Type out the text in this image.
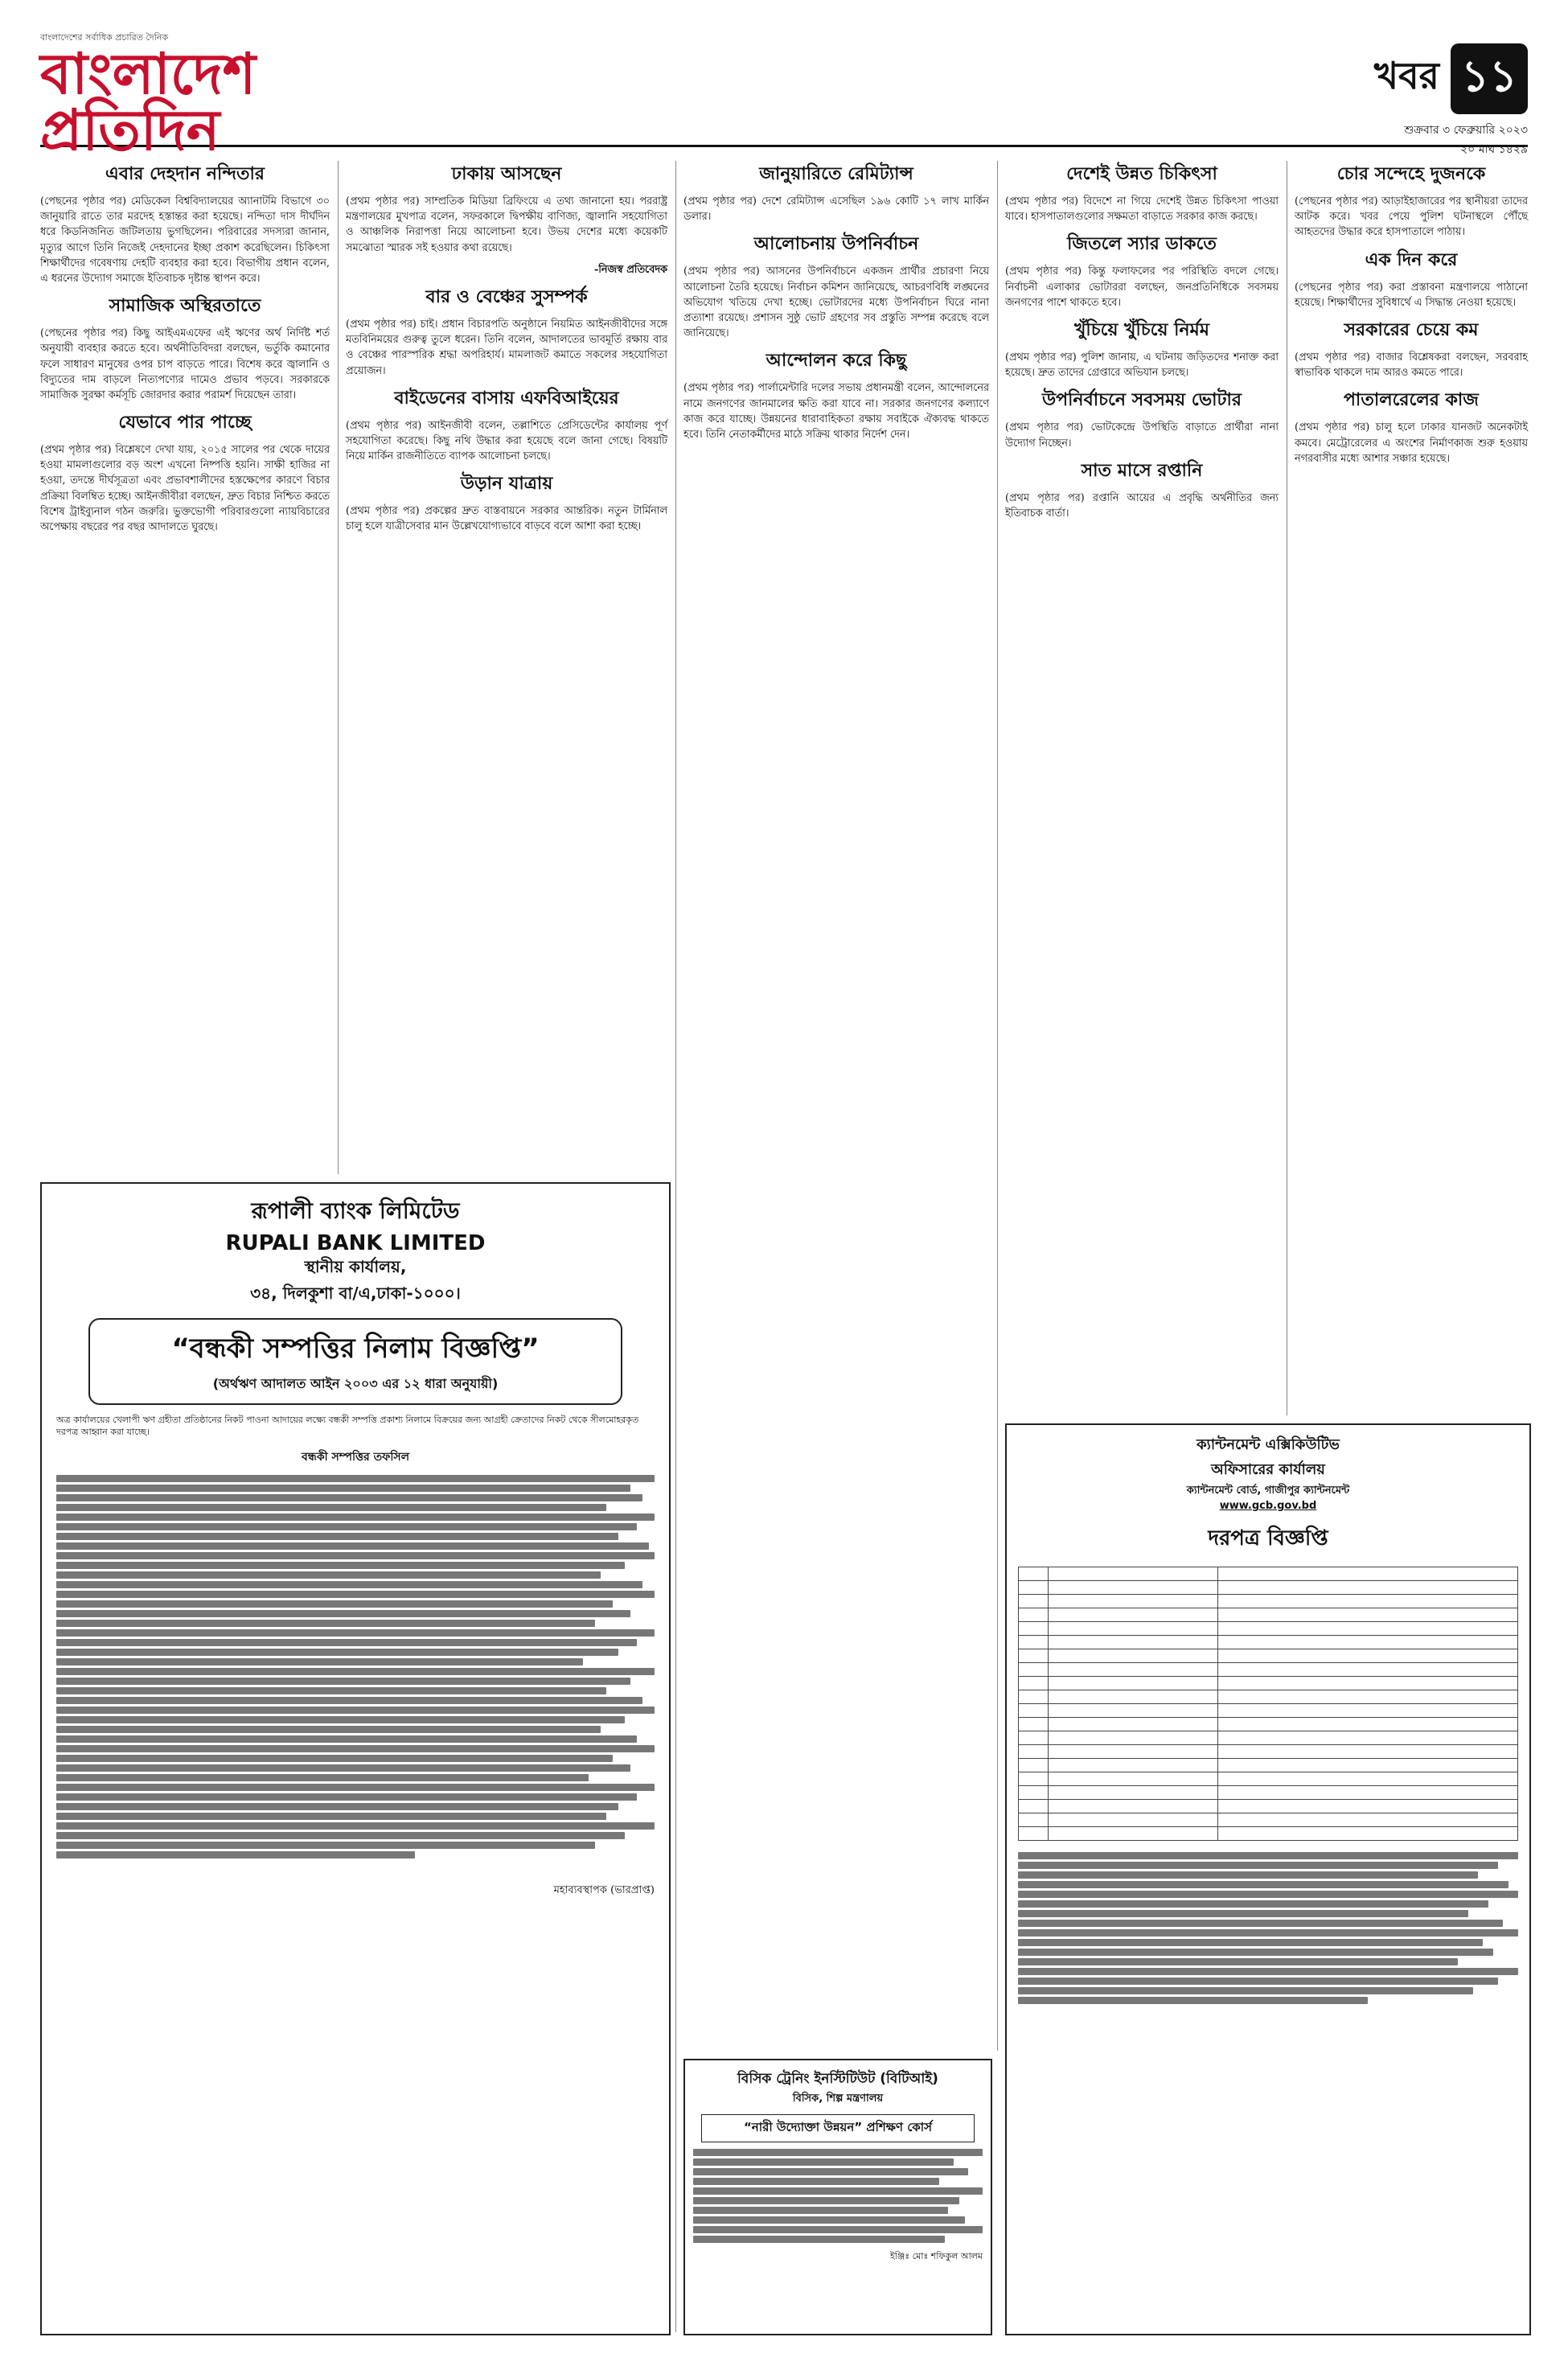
বাংলাদেশের সর্বাধিক প্রচারিত দৈনিক
বাংলাদেশ প্রতিদিন
খবর ১১
শুক্রবার ৩ ফেব্রুয়ারি ২০২৩
২০ মাঘ ১৪২৯
এবার দেহদান নন্দিতার

(পেছনের পৃষ্ঠার পর) মেডিকেল বিশ্ববিদ্যালয়ের অ্যানাটমি বিভাগে ৩০ জানুয়ারি রাতে তার মরদেহ হস্তান্তর করা হয়েছে। নন্দিতা দাস দীর্ঘদিন ধরে কিডনিজনিত জটিলতায় ভুগছিলেন। পরিবারের সদস্যরা জানান, মৃত্যুর আগে তিনি নিজেই দেহদানের ইচ্ছা প্রকাশ করেছিলেন। চিকিৎসা শিক্ষার্থীদের গবেষণায় দেহটি ব্যবহার করা হবে। বিভাগীয় প্রধান বলেন, এ ধরনের উদ্যোগ সমাজে ইতিবাচক দৃষ্টান্ত স্থাপন করে।

সামাজিক অস্থিরতাতে

(পেছনের পৃষ্ঠার পর) কিছু আইএমএফের এই ঋণের অর্থ নির্দিষ্ট শর্ত অনুযায়ী ব্যবহার করতে হবে। অর্থনীতিবিদরা বলছেন, ভর্তুকি কমানোর ফলে সাধারণ মানুষের ওপর চাপ বাড়তে পারে। বিশেষ করে জ্বালানি ও বিদ্যুতের দাম বাড়লে নিত্যপণ্যের দামেও প্রভাব পড়বে। সরকারকে সামাজিক সুরক্ষা কর্মসূচি জোরদার করার পরামর্শ দিয়েছেন তারা।

যেভাবে পার পাচ্ছে

(প্রথম পৃষ্ঠার পর) বিশ্লেষণে দেখা যায়, ২০১৫ সালের পর থেকে দায়ের হওয়া মামলাগুলোর বড় অংশ এখনো নিষ্পত্তি হয়নি। সাক্ষী হাজির না হওয়া, তদন্তে দীর্ঘসূত্রতা এবং প্রভাবশালীদের হস্তক্ষেপের কারণে বিচার প্রক্রিয়া বিলম্বিত হচ্ছে। আইনজীবীরা বলছেন, দ্রুত বিচার নিশ্চিত করতে বিশেষ ট্রাইব্যুনাল গঠন জরুরি। ভুক্তভোগী পরিবারগুলো ন্যায়বিচারের অপেক্ষায় বছরের পর বছর আদালতে ঘুরছে।

ঢাকায় আসছেন

(প্রথম পৃষ্ঠার পর) সাম্প্রতিক মিডিয়া ব্রিফিংয়ে এ তথ্য জানানো হয়। পররাষ্ট্র মন্ত্রণালয়ের মুখপাত্র বলেন, সফরকালে দ্বিপক্ষীয় বাণিজ্য, জ্বালানি সহযোগিতা ও আঞ্চলিক নিরাপত্তা নিয়ে আলোচনা হবে। উভয় দেশের মধ্যে কয়েকটি সমঝোতা স্মারক সই হওয়ার কথা রয়েছে।

-নিজস্ব প্রতিবেদক

বার ও বেঞ্চের সুসম্পর্ক

(প্রথম পৃষ্ঠার পর) চাই। প্রধান বিচারপতি অনুষ্ঠানে নিয়মিত আইনজীবীদের সঙ্গে মতবিনিময়ের গুরুত্ব তুলে ধরেন। তিনি বলেন, আদালতের ভাবমূর্তি রক্ষায় বার ও বেঞ্চের পারস্পরিক শ্রদ্ধা অপরিহার্য। মামলাজট কমাতে সকলের সহযোগিতা প্রয়োজন।

বাইডেনের বাসায় এফবিআইয়ের

(প্রথম পৃষ্ঠার পর) আইনজীবী বলেন, তল্লাশিতে প্রেসিডেন্টের কার্যালয় পূর্ণ সহযোগিতা করেছে। কিছু নথি উদ্ধার করা হয়েছে বলে জানা গেছে। বিষয়টি নিয়ে মার্কিন রাজনীতিতে ব্যাপক আলোচনা চলছে।

উড়ান যাত্রায়

(প্রথম পৃষ্ঠার পর) প্রকল্পের দ্রুত বাস্তবায়নে সরকার আন্তরিক। নতুন টার্মিনাল চালু হলে যাত্রীসেবার মান উল্লেখযোগ্যভাবে বাড়বে বলে আশা করা হচ্ছে।

জানুয়ারিতে রেমিট্যান্স

(প্রথম পৃষ্ঠার পর) দেশে রেমিট্যান্স এসেছিল ১৯৬ কোটি ১৭ লাখ মার্কিন ডলার।

আলোচনায় উপনির্বাচন

(প্রথম পৃষ্ঠার পর) আসনের উপনির্বাচনে একজন প্রার্থীর প্রচারণা নিয়ে আলোচনা তৈরি হয়েছে। নির্বাচন কমিশন জানিয়েছে, আচরণবিধি লঙ্ঘনের অভিযোগ খতিয়ে দেখা হচ্ছে। ভোটারদের মধ্যে উপনির্বাচন ঘিরে নানা প্রত্যাশা রয়েছে। প্রশাসন সুষ্ঠু ভোট গ্রহণের সব প্রস্তুতি সম্পন্ন করেছে বলে জানিয়েছে।

আন্দোলন করে কিছু

(প্রথম পৃষ্ঠার পর) পার্লামেন্টারি দলের সভায় প্রধানমন্ত্রী বলেন, আন্দোলনের নামে জনগণের জানমালের ক্ষতি করা যাবে না। সরকার জনগণের কল্যাণে কাজ করে যাচ্ছে। উন্নয়নের ধারাবাহিকতা রক্ষায় সবাইকে ঐক্যবদ্ধ থাকতে হবে। তিনি নেতাকর্মীদের মাঠে সক্রিয় থাকার নির্দেশ দেন।

দেশেই উন্নত চিকিৎসা

(প্রথম পৃষ্ঠার পর) বিদেশে না গিয়ে দেশেই উন্নত চিকিৎসা পাওয়া যাবে। হাসপাতালগুলোর সক্ষমতা বাড়াতে সরকার কাজ করছে।

জিতলে স্যার ডাকতে

(প্রথম পৃষ্ঠার পর) কিন্তু ফলাফলের পর পরিস্থিতি বদলে গেছে। নির্বাচনী এলাকার ভোটাররা বলছেন, জনপ্রতিনিধিকে সবসময় জনগণের পাশে থাকতে হবে।

খুঁচিয়ে খুঁচিয়ে নির্মম

(প্রথম পৃষ্ঠার পর) পুলিশ জানায়, এ ঘটনায় জড়িতদের শনাক্ত করা হয়েছে। দ্রুত তাদের গ্রেপ্তারে অভিযান চলছে।

উপনির্বাচনে সবসময় ভোটার

(প্রথম পৃষ্ঠার পর) ভোটকেন্দ্রে উপস্থিতি বাড়াতে প্রার্থীরা নানা উদ্যোগ নিচ্ছেন।

সাত মাসে রপ্তানি

(প্রথম পৃষ্ঠার পর) রপ্তানি আয়ের এ প্রবৃদ্ধি অর্থনীতির জন্য ইতিবাচক বার্তা।

চোর সন্দেহে দুজনকে

(পেছনের পৃষ্ঠার পর) আড়াইহাজারের পর স্থানীয়রা তাদের আটক করে। খবর পেয়ে পুলিশ ঘটনাস্থলে পৌঁছে আহতদের উদ্ধার করে হাসপাতালে পাঠায়।

এক দিন করে

(পেছনের পৃষ্ঠার পর) করা প্রস্তাবনা মন্ত্রণালয়ে পাঠানো হয়েছে। শিক্ষার্থীদের সুবিধার্থে এ সিদ্ধান্ত নেওয়া হয়েছে।

সরকারের চেয়ে কম

(প্রথম পৃষ্ঠার পর) বাজার বিশ্লেষকরা বলছেন, সরবরাহ স্বাভাবিক থাকলে দাম আরও কমতে পারে।

পাতালরেলের কাজ

(প্রথম পৃষ্ঠার পর) চালু হলে ঢাকার যানজট অনেকটাই কমবে। মেট্রোরেলের এ অংশের নির্মাণকাজ শুরু হওয়ায় নগরবাসীর মধ্যে আশার সঞ্চার হয়েছে।

রূপালী ব্যাংক লিমিটেড
RUPALI BANK LIMITED
স্থানীয় কার্যালয়,
৩৪, দিলকুশা বা/এ,ঢাকা-১০০০।
“বন্ধকী সম্পত্তির নিলাম বিজ্ঞপ্তি”
(অর্থঋণ আদালত আইন ২০০৩ এর ১২ ধারা অনুযায়ী)

অত্র কার্যালয়ের খেলাপী ঋণ গ্রহীতা প্রতিষ্ঠানের নিকট পাওনা আদায়ের লক্ষ্যে বন্ধকী সম্পত্তি প্রকাশ্য নিলামে বিক্রয়ের জন্য আগ্রহী ক্রেতাদের নিকট থেকে সীলমোহরকৃত দরপত্র আহ্বান করা যাচ্ছে।

বন্ধকী সম্পত্তির তফসিল
মহাব্যবস্থাপক (ভারপ্রাপ্ত)
বিসিক ট্রেনিং ইনস্টিটিউট (বিটিআই)
বিসিক, শিল্প মন্ত্রণালয়
“নারী উদ্যোক্তা উন্নয়ন” প্রশিক্ষণ কোর্স
ইঞ্জিঃ মোঃ শফিকুল আলম
ক্যান্টনমেন্ট এক্সিকিউটিভ
অফিসারের কার্যালয়
ক্যান্টনমেন্ট বোর্ড, গাজীপুর ক্যান্টনমেন্ট
www.gcb.gov.bd
দরপত্র বিজ্ঞপ্তি
